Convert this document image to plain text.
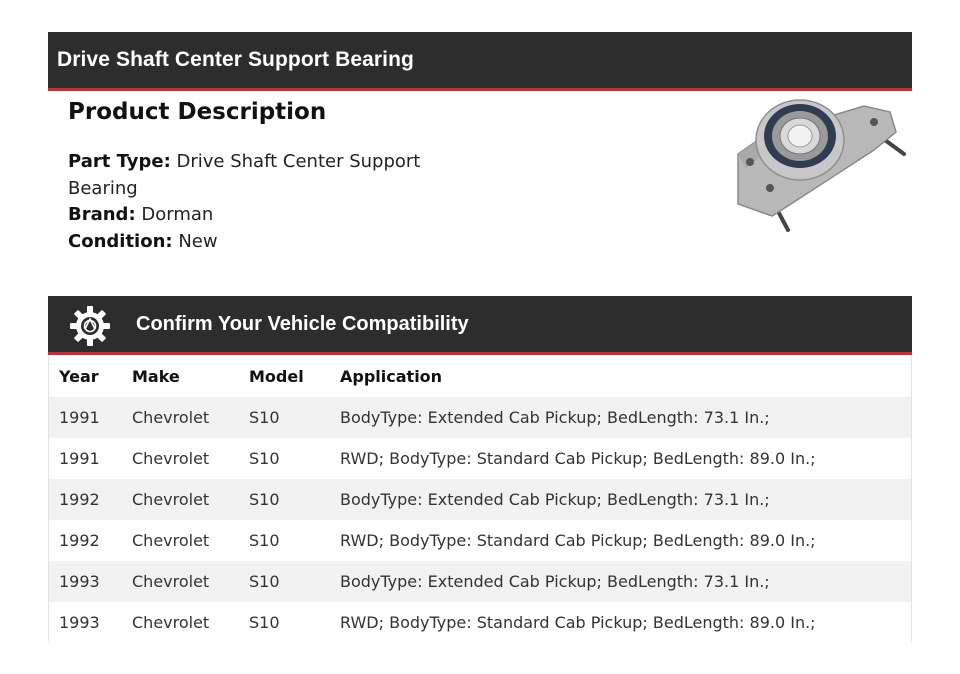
Drive Shaft Center Support Bearing
Product Description

Part Type: Drive Shaft Center Support Bearing

Brand: Dorman

Condition: New

Confirm Your Vehicle Compatibility
Year	Make	Model	Application
1991	Chevrolet	S10	BodyType: Extended Cab Pickup; BedLength: 73.1 In.;
1991	Chevrolet	S10	RWD; BodyType: Standard Cab Pickup; BedLength: 89.0 In.;
1992	Chevrolet	S10	BodyType: Extended Cab Pickup; BedLength: 73.1 In.;
1992	Chevrolet	S10	RWD; BodyType: Standard Cab Pickup; BedLength: 89.0 In.;
1993	Chevrolet	S10	BodyType: Extended Cab Pickup; BedLength: 73.1 In.;
1993	Chevrolet	S10	RWD; BodyType: Standard Cab Pickup; BedLength: 89.0 In.;
